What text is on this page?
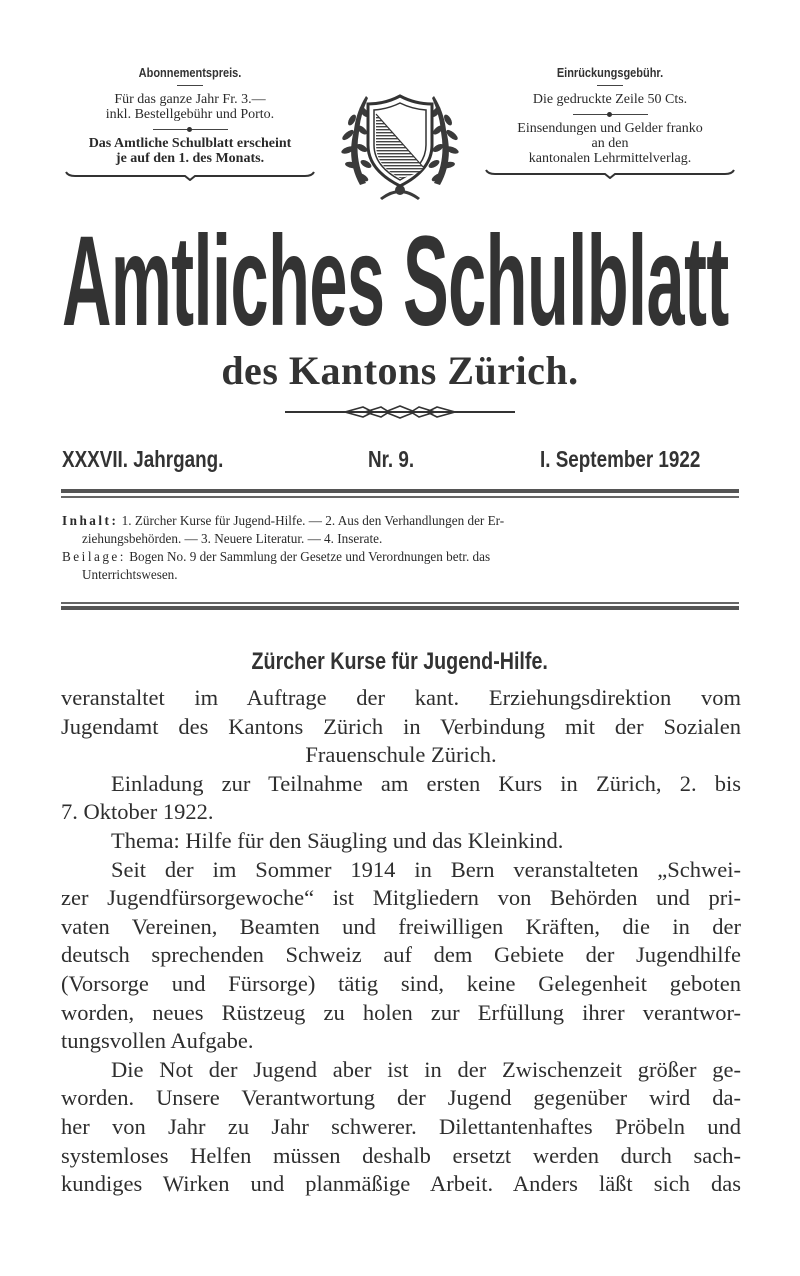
Abonnementspreis.
Für das ganze Jahr Fr. 3.—
inkl. Bestellgebühr und Porto.
Das Amtliche Schulblatt erscheint
je auf den 1. des Monats.
Einrückungsgebühr.
Die gedruckte Zeile 50 Cts.
Einsendungen und Gelder franko
an den
kantonalen Lehrmittelverlag.
Amtliches Schulblatt
des Kantons Zürich.
XXXVII. Jahrgang.	Nr. 9.	I. September 1922

Inhalt: 1. Zürcher Kurse für Jugend-Hilfe. — 2. Aus den Verhandlungen der Er-
ziehungsbehörden. — 3. Neuere Literatur. — 4. Inserate.

Beilage: Bogen No. 9 der Sammlung der Gesetze und Verordnungen betr. das
Unterrichtswesen.

Zürcher Kurse für Jugend-Hilfe.

veranstaltet im Auftrage der kant. Erziehungsdirektion vom

Jugendamt des Kantons Zürich in Verbindung mit der Sozialen

Frauenschule Zürich.

Einladung zur Teilnahme am ersten Kurs in Zürich, 2. bis

7. Oktober 1922.

Thema: Hilfe für den Säugling und das Kleinkind.

Seit der im Sommer 1914 in Bern veranstalteten „Schwei-

zer Jugendfürsorgewoche“ ist Mitgliedern von Behörden und pri-

vaten Vereinen, Beamten und freiwilligen Kräften, die in der

deutsch sprechenden Schweiz auf dem Gebiete der Jugendhilfe

(Vorsorge und Fürsorge) tätig sind, keine Gelegenheit geboten

worden, neues Rüstzeug zu holen zur Erfüllung ihrer verantwor-

tungsvollen Aufgabe.

Die Not der Jugend aber ist in der Zwischenzeit größer ge-

worden. Unsere Verantwortung der Jugend gegenüber wird da-

her von Jahr zu Jahr schwerer. Dilettantenhaftes Pröbeln und

systemloses Helfen müssen deshalb ersetzt werden durch sach-

kundiges Wirken und planmäßige Arbeit. Anders läßt sich das
